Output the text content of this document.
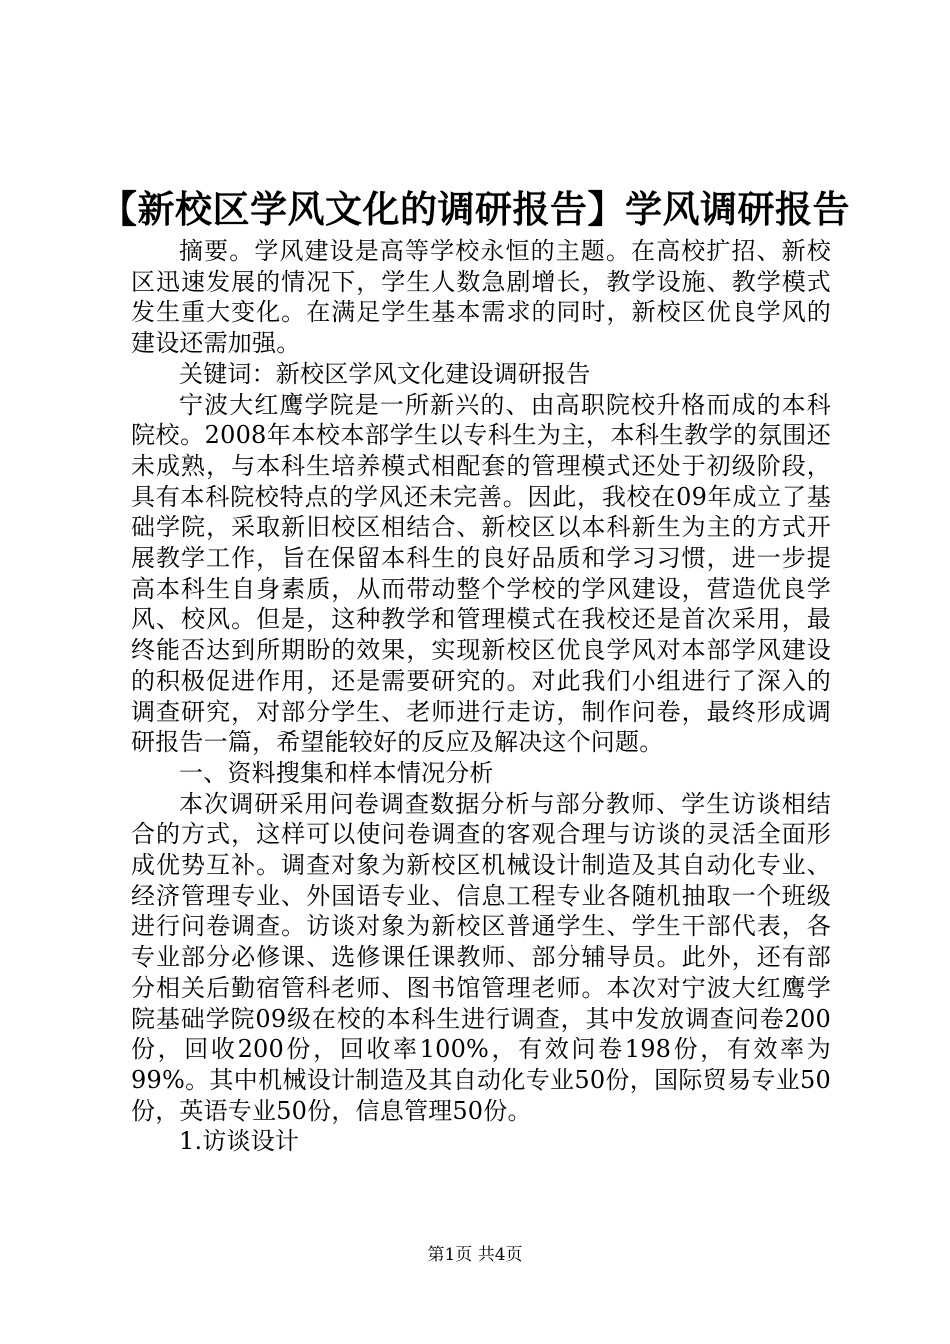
【新校区学风文化的调研报告】学风调研报告

摘要。学风建设是高等学校永恒的主题。在高校扩招、新校区迅速发展的情况下，学生人数急剧增长，教学设施、教学模式发生重大变化。在满足学生基本需求的同时，新校区优良学风的建设还需加强。

关键词：新校区学风文化建设调研报告

宁波大红鹰学院是一所新兴的、由高职院校升格而成的本科院校。2008年本校本部学生以专科生为主，本科生教学的氛围还未成熟，与本科生培养模式相配套的管理模式还处于初级阶段，具有本科院校特点的学风还未完善。因此，我校在09年成立了基础学院，采取新旧校区相结合、新校区以本科新生为主的方式开展教学工作，旨在保留本科生的良好品质和学习习惯，进一步提高本科生自身素质，从而带动整个学校的学风建设，营造优良学风、校风。但是，这种教学和管理模式在我校还是首次采用，最终能否达到所期盼的效果，实现新校区优良学风对本部学风建设的积极促进作用，还是需要研究的。对此我们小组进行了深入的调查研究，对部分学生、老师进行走访，制作问卷，最终形成调研报告一篇，希望能较好的反应及解决这个问题。

一、资料搜集和样本情况分析

本次调研采用问卷调查数据分析与部分教师、学生访谈相结合的方式，这样可以使问卷调查的客观合理与访谈的灵活全面形成优势互补。调查对象为新校区机械设计制造及其自动化专业、经济管理专业、外国语专业、信息工程专业各随机抽取一个班级进行问卷调查。访谈对象为新校区普通学生、学生干部代表，各专业部分必修课、选修课任课教师、部分辅导员。此外，还有部分相关后勤宿管科老师、图书馆管理老师。本次对宁波大红鹰学院基础学院09级在校的本科生进行调查，其中发放调查问卷200份，回收200份，回收率100%，有效问卷198份，有效率为99%。其中机械设计制造及其自动化专业50份，国际贸易专业50份，英语专业50份，信息管理50份。

1.访谈设计

第1页 共4页
